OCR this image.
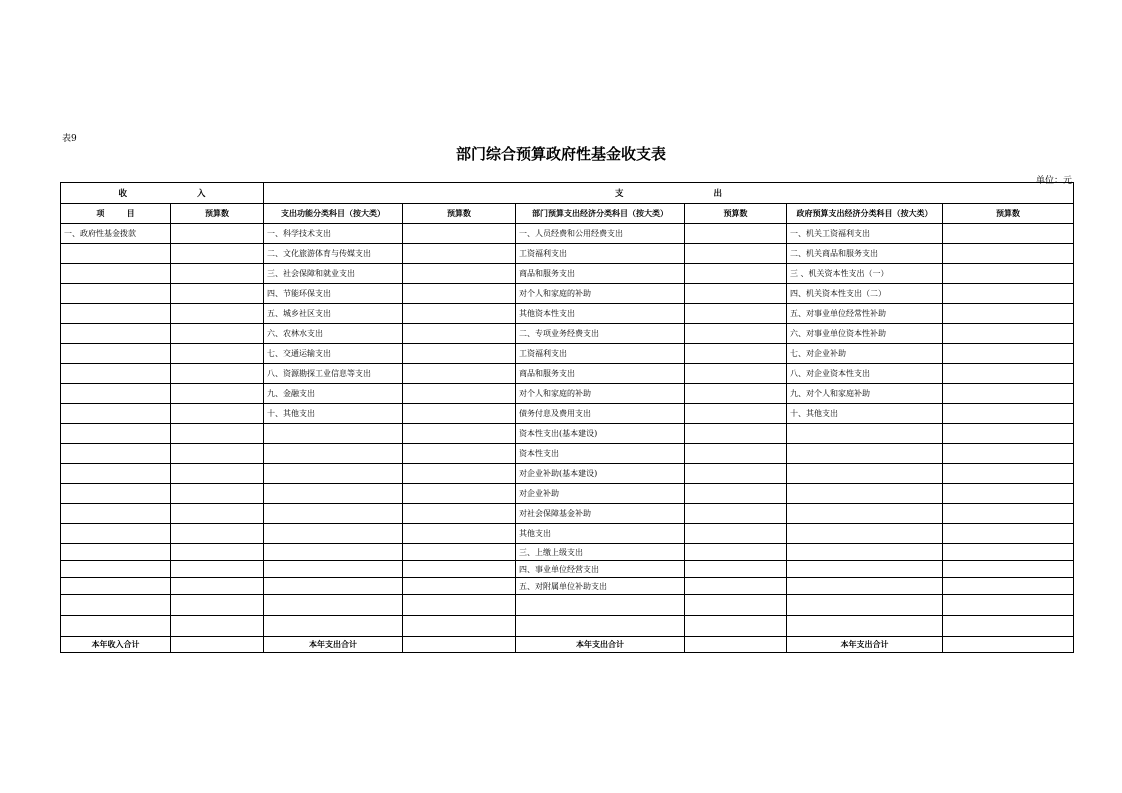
表9
部门综合预算政府性基金收支表
单位：元
收 入		支 出					
项 目	预算数	支出功能分类科目（按大类）	预算数	部门预算支出经济分类科目（按大类）	预算数	政府预算支出经济分类科目（按大类）	预算数
一、政府性基金拨款		一、科学技术支出		一、人员经费和公用经费支出		一、机关工资福利支出	
		二、文化旅游体育与传媒支出		工资福利支出		二、机关商品和服务支出	
		三、社会保障和就业支出		商品和服务支出		三 、机关资本性支出（一）	
		四、节能环保支出		对个人和家庭的补助		四、机关资本性支出（二）	
		五、城乡社区支出		其他资本性支出		五、对事业单位经常性补助	
		六、农林水支出		二、专项业务经费支出		六、对事业单位资本性补助	
		七、交通运输支出		工资福利支出		七、对企业补助	
		八、资源勘探工业信息等支出		商品和服务支出		八、对企业资本性支出	
		九、金融支出		对个人和家庭的补助		九、对个人和家庭补助	
		十、其他支出		债务付息及费用支出		十、其他支出	
				资本性支出(基本建设)			
				资本性支出			
				对企业补助(基本建设)			
				对企业补助			
				对社会保障基金补助			
				其他支出			
				三、上缴上级支出			
				四、事业单位经营支出			
				五、对附属单位补助支出			

本年收入合计		本年支出合计		本年支出合计		本年支出合计	
